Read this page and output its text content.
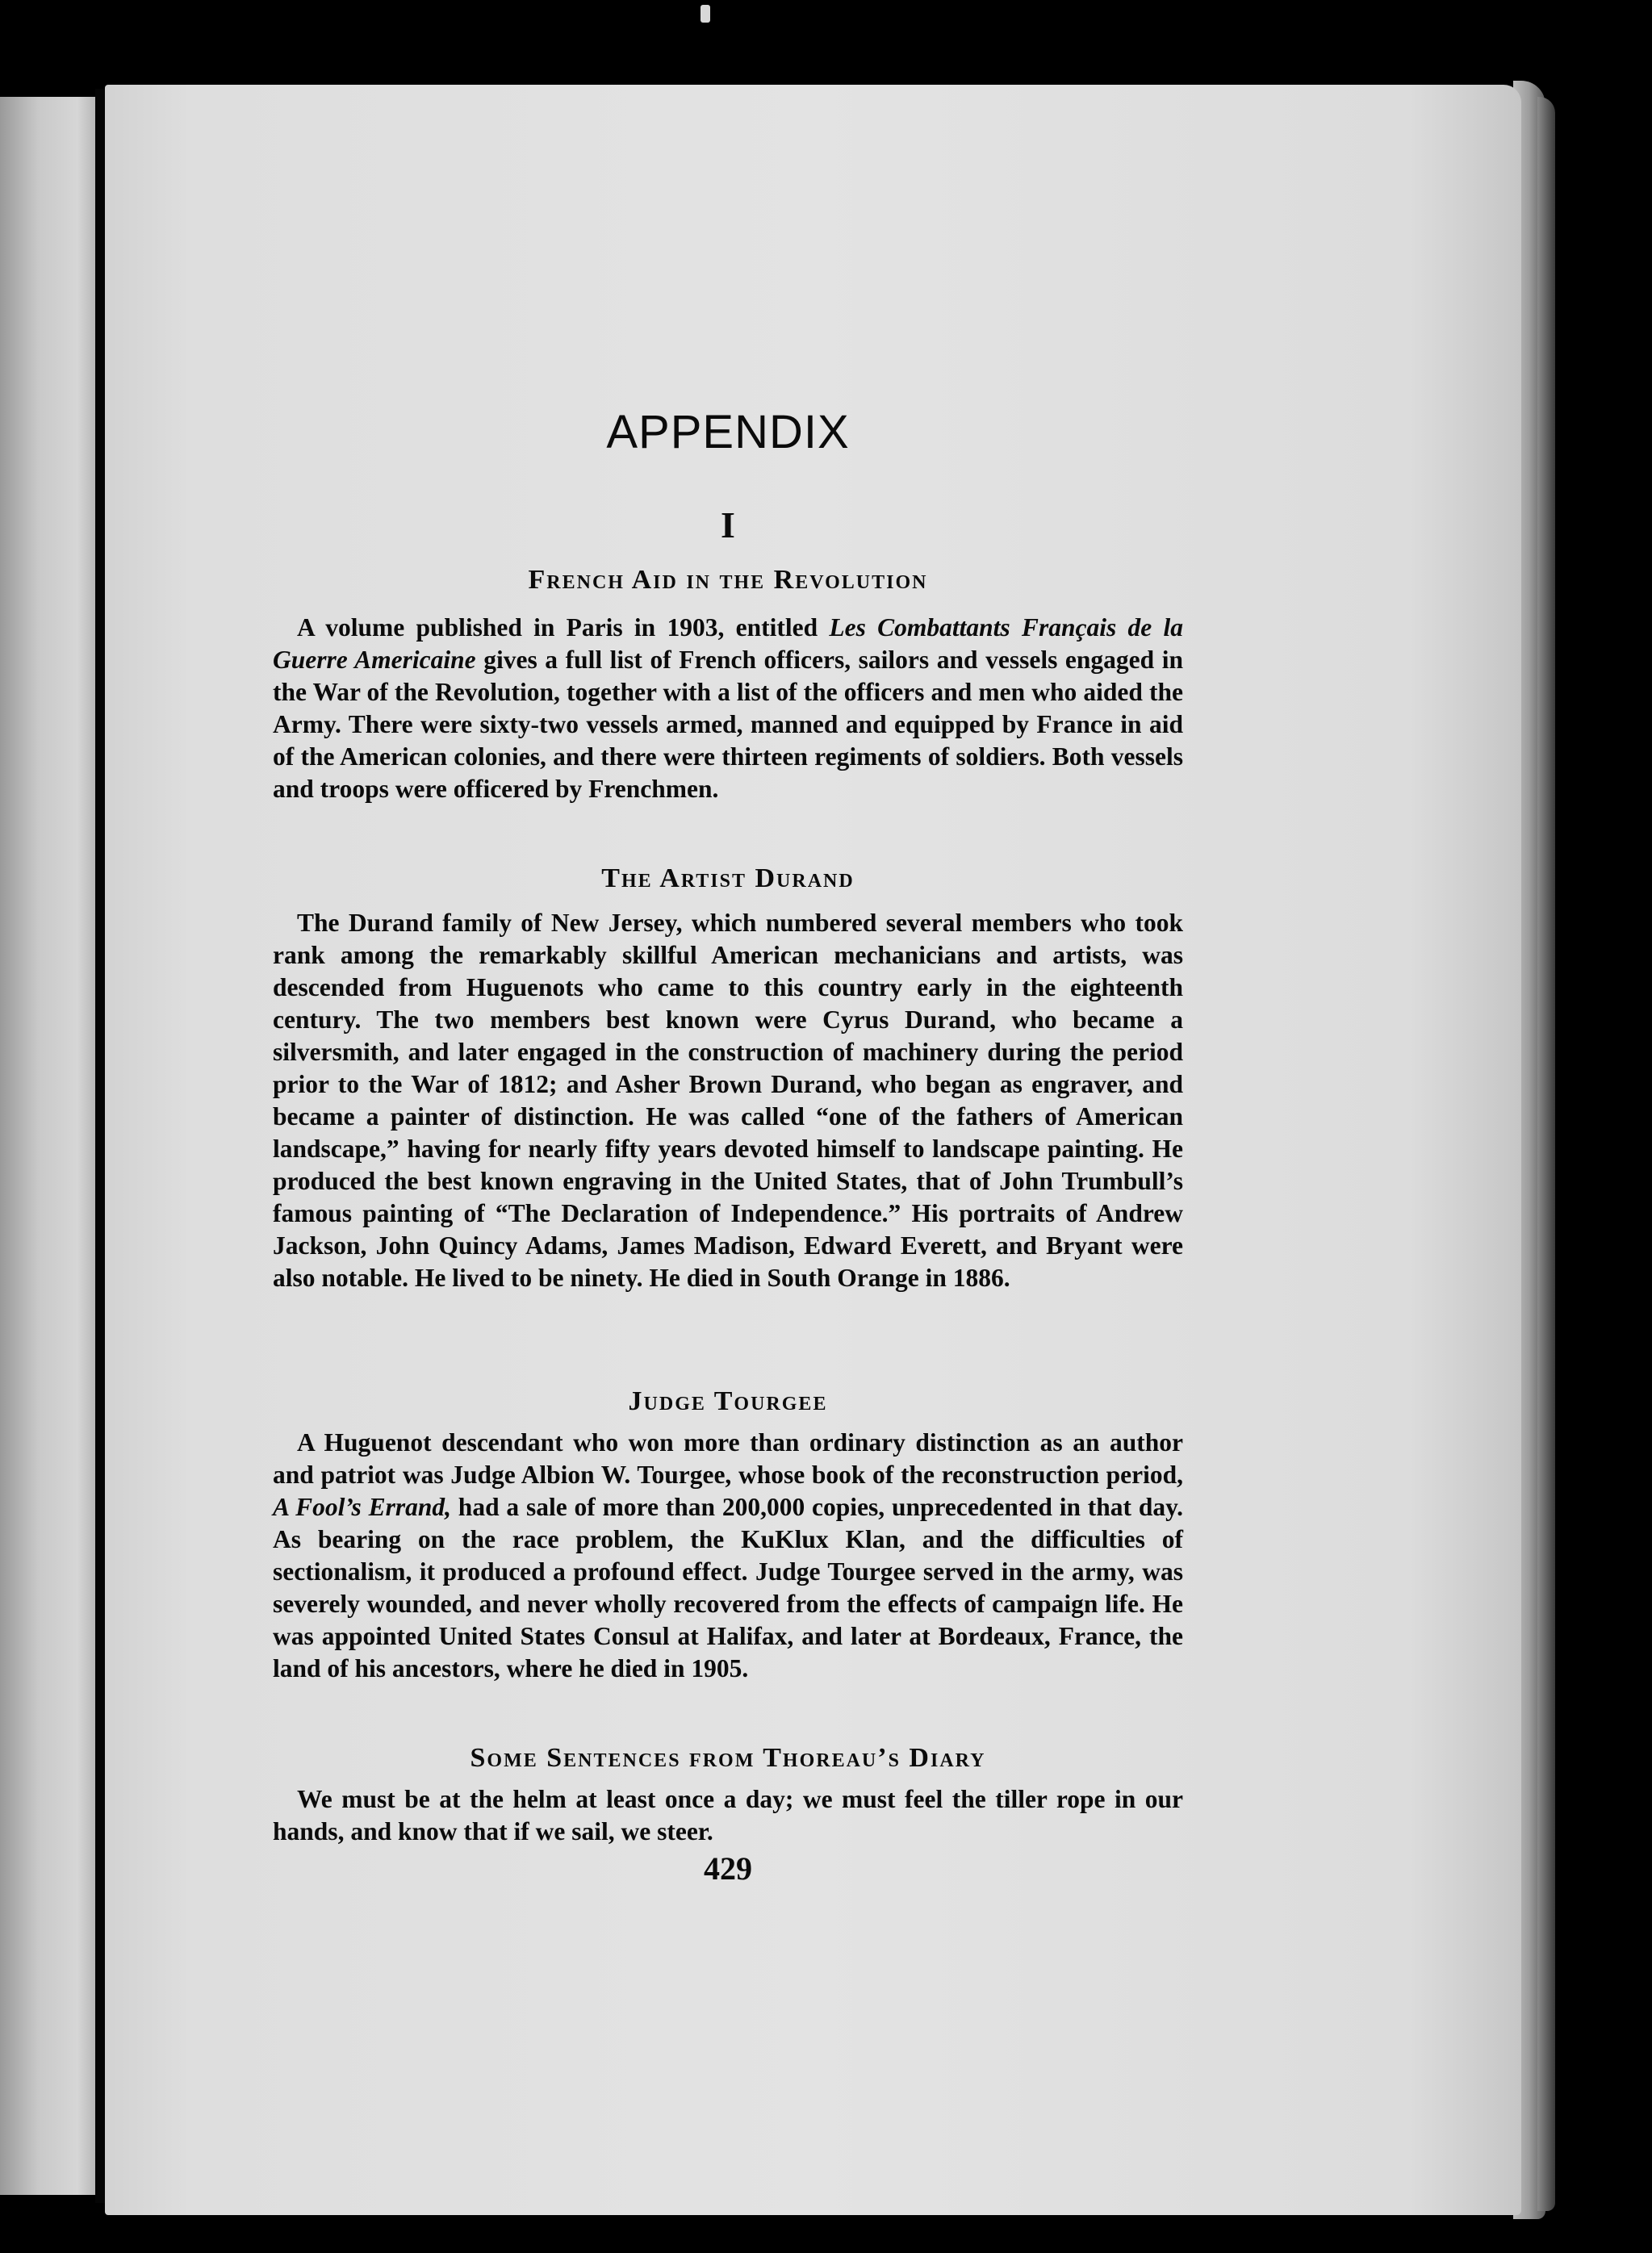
APPENDIX
I
French Aid in the Revolution

A volume published in Paris in 1903, entitled Les Combattants Français de la Guerre Americaine gives a full list of French officers, sailors and vessels engaged in the War of the Revolution, together with a list of the officers and men who aided the Army. There were sixty-two vessels armed, manned and equipped by France in aid of the American colonies, and there were thirteen regiments of soldiers. Both vessels and troops were officered by Frenchmen.

The Artist Durand

The Durand family of New Jersey, which numbered several members who took rank among the remarkably skillful American mechanicians and artists, was descended from Huguenots who came to this country early in the eighteenth century. The two members best known were Cyrus Durand, who became a silversmith, and later engaged in the construction of machinery during the period prior to the War of 1812; and Asher Brown Durand, who began as engraver, and became a painter of distinction. He was called “one of the fathers of American landscape,” having for nearly fifty years devoted himself to landscape painting. He produced the best known engraving in the United States, that of John Trumbull’s famous painting of “The Declaration of Independence.” His portraits of Andrew Jackson, John Quincy Adams, James Madison, Edward Everett, and Bryant were also notable. He lived to be ninety. He died in South Orange in 1886.

Judge Tourgee

A Huguenot descendant who won more than ordinary distinction as an author and patriot was Judge Albion W. Tourgee, whose book of the reconstruction period, A Fool’s Errand, had a sale of more than 200,000 copies, unprecedented in that day. As bearing on the race problem, the KuKlux Klan, and the difficulties of sectionalism, it produced a profound effect. Judge Tourgee served in the army, was severely wounded, and never wholly recovered from the effects of campaign life. He was appointed United States Consul at Halifax, and later at Bordeaux, France, the land of his ancestors, where he died in 1905.

Some Sentences from Thoreau’s Diary

We must be at the helm at least once a day; we must feel the tiller rope in our hands, and know that if we sail, we steer.

429
